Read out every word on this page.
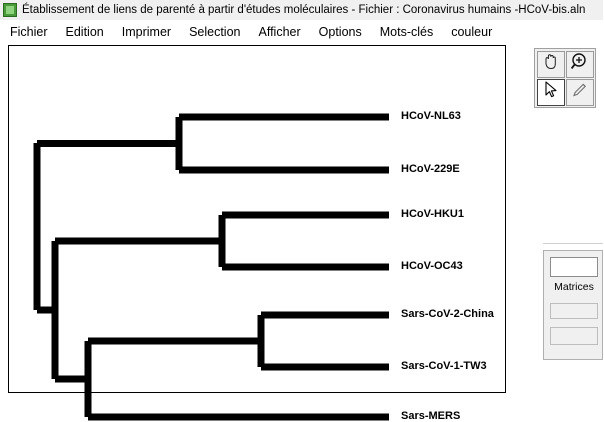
Établissement de liens de parenté à partir d'études moléculaires - Fichier : Coronavirus humains -HCoV-bis.aln
Fichier	Edition	Imprimer	Selection	Afficher	Options	Mots-clés	couleur
HCoV-NL63
HCoV-229E
HCoV-HKU1
HCoV-OC43
Sars-CoV-2-China
Sars-CoV-1-TW3
Sars-MERS
Matrices
